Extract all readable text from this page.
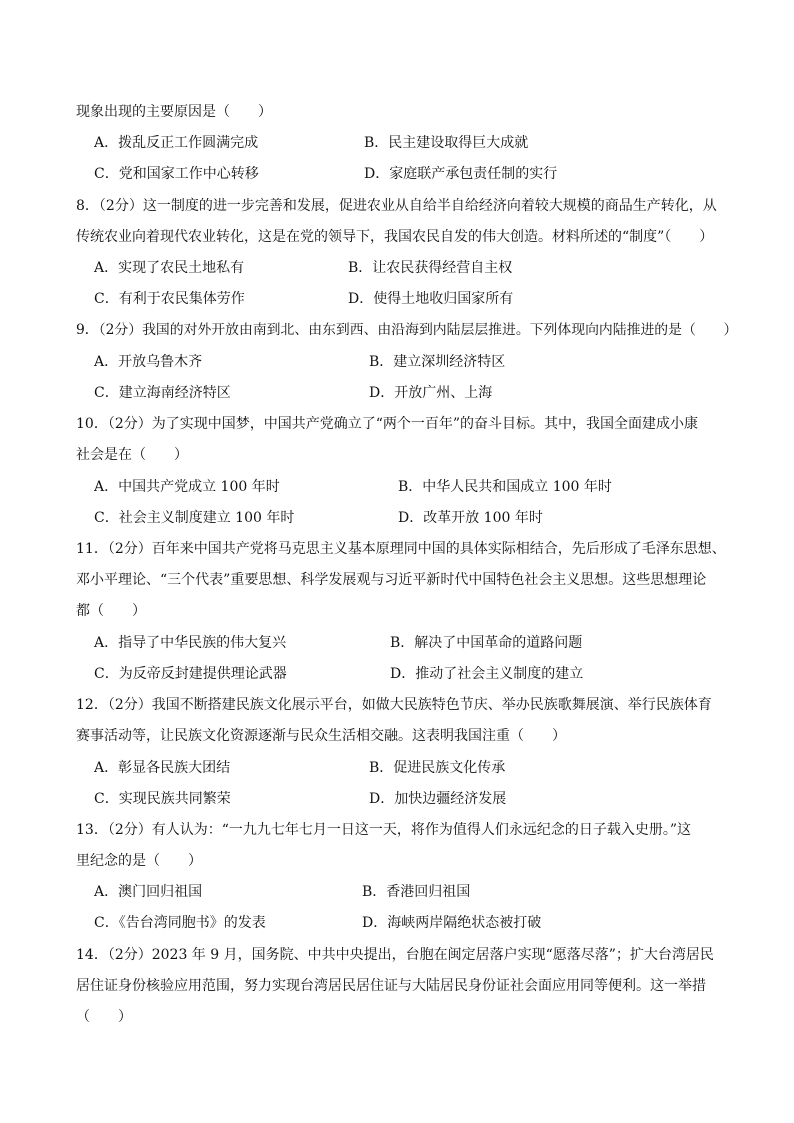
现象出现的主要原因是（　　）
A．拨乱反正工作圆满完成	B．民主建设取得巨大成就
C．党和国家工作中心转移	D．家庭联产承包责任制的实行
8．（2分）这一制度的进一步完善和发展，促进农业从自给半自给经济向着较大规模的商品生产转化，从
传统农业向着现代农业转化，这是在党的领导下，我国农民自发的伟大创造。材料所述的“制度”（　　）
A．实现了农民土地私有	B．让农民获得经营自主权
C．有利于农民集体劳作	D．使得土地收归国家所有
9．（2分）我国的对外开放由南到北、由东到西、由沿海到内陆层层推进。下列体现向内陆推进的是（　　）
A．开放乌鲁木齐	B．建立深圳经济特区
C．建立海南经济特区	D．开放广州、上海
10．（2分）为了实现中国梦，中国共产党确立了“两个一百年”的奋斗目标。其中，我国全面建成小康
社会是在（　　）
A．中国共产党成立 100 年时	B．中华人民共和国成立 100 年时
C．社会主义制度建立 100 年时	D．改革开放 100 年时
11．（2分）百年来中国共产党将马克思主义基本原理同中国的具体实际相结合，先后形成了毛泽东思想、
邓小平理论、“三个代表”重要思想、科学发展观与习近平新时代中国特色社会主义思想。这些思想理论
都（　　）
A．指导了中华民族的伟大复兴	B．解决了中国革命的道路问题
C．为反帝反封建提供理论武器	D．推动了社会主义制度的建立
12．（2分）我国不断搭建民族文化展示平台，如做大民族特色节庆、举办民族歌舞展演、举行民族体育
赛事活动等，让民族文化资源逐渐与民众生活相交融。这表明我国注重（　　）
A．彰显各民族大团结	B．促进民族文化传承
C．实现民族共同繁荣	D．加快边疆经济发展
13．（2分）有人认为：“一九九七年七月一日这一天，将作为值得人们永远纪念的日子载入史册。”这
里纪念的是（　　）
A．澳门回归祖国	B．香港回归祖国
C．《告台湾同胞书》的发表	D．海峡两岸隔绝状态被打破
14．（2分）2023 年 9 月，国务院、中共中央提出，台胞在闽定居落户实现“愿落尽落”；扩大台湾居民
居住证身份核验应用范围，努力实现台湾居民居住证与大陆居民身份证社会面应用同等便利。这一举措
（　　）
